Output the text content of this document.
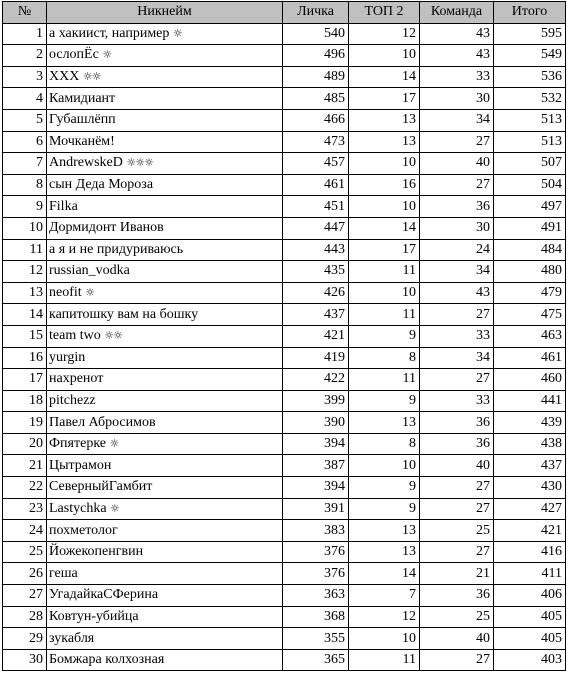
№	Никнейм	Личка	ТОП 2	Команда	Итого
1	а хакиист, например ☼	540	12	43	595
2	ослопЁс ☼	496	10	43	549
3	XXX ☼☼	489	14	33	536
4	Камидиант	485	17	30	532
5	Губашлёпп	466	13	34	513
6	Мочканём!	473	13	27	513
7	AndrewskeD ☼☼☼	457	10	40	507
8	сын Деда Мороза	461	16	27	504
9	Filka	451	10	36	497
10	Дормидонт Иванов	447	14	30	491
11	а я и не придуриваюсь	443	17	24	484
12	russian_vodka	435	11	34	480
13	neofit ☼	426	10	43	479
14	капитошку вам на бошку	437	11	27	475
15	team two ☼☼	421	9	33	463
16	yurgin	419	8	34	461
17	нахренот	422	11	27	460
18	pitchezz	399	9	33	441
19	Павел Абросимов	390	13	36	439
20	Фпятерке ☼	394	8	36	438
21	Цытрамон	387	10	40	437
22	СеверныйГамбит	394	9	27	430
23	Lastychka ☼	391	9	27	427
24	похметолог	383	13	25	421
25	Йожекопенгвин	376	13	27	416
26	геша	376	14	21	411
27	УгадайкаСФерина	363	7	36	406
28	Ковтун-убийца	368	12	25	405
29	зукабля	355	10	40	405
30	Бомжара колхозная	365	11	27	403
